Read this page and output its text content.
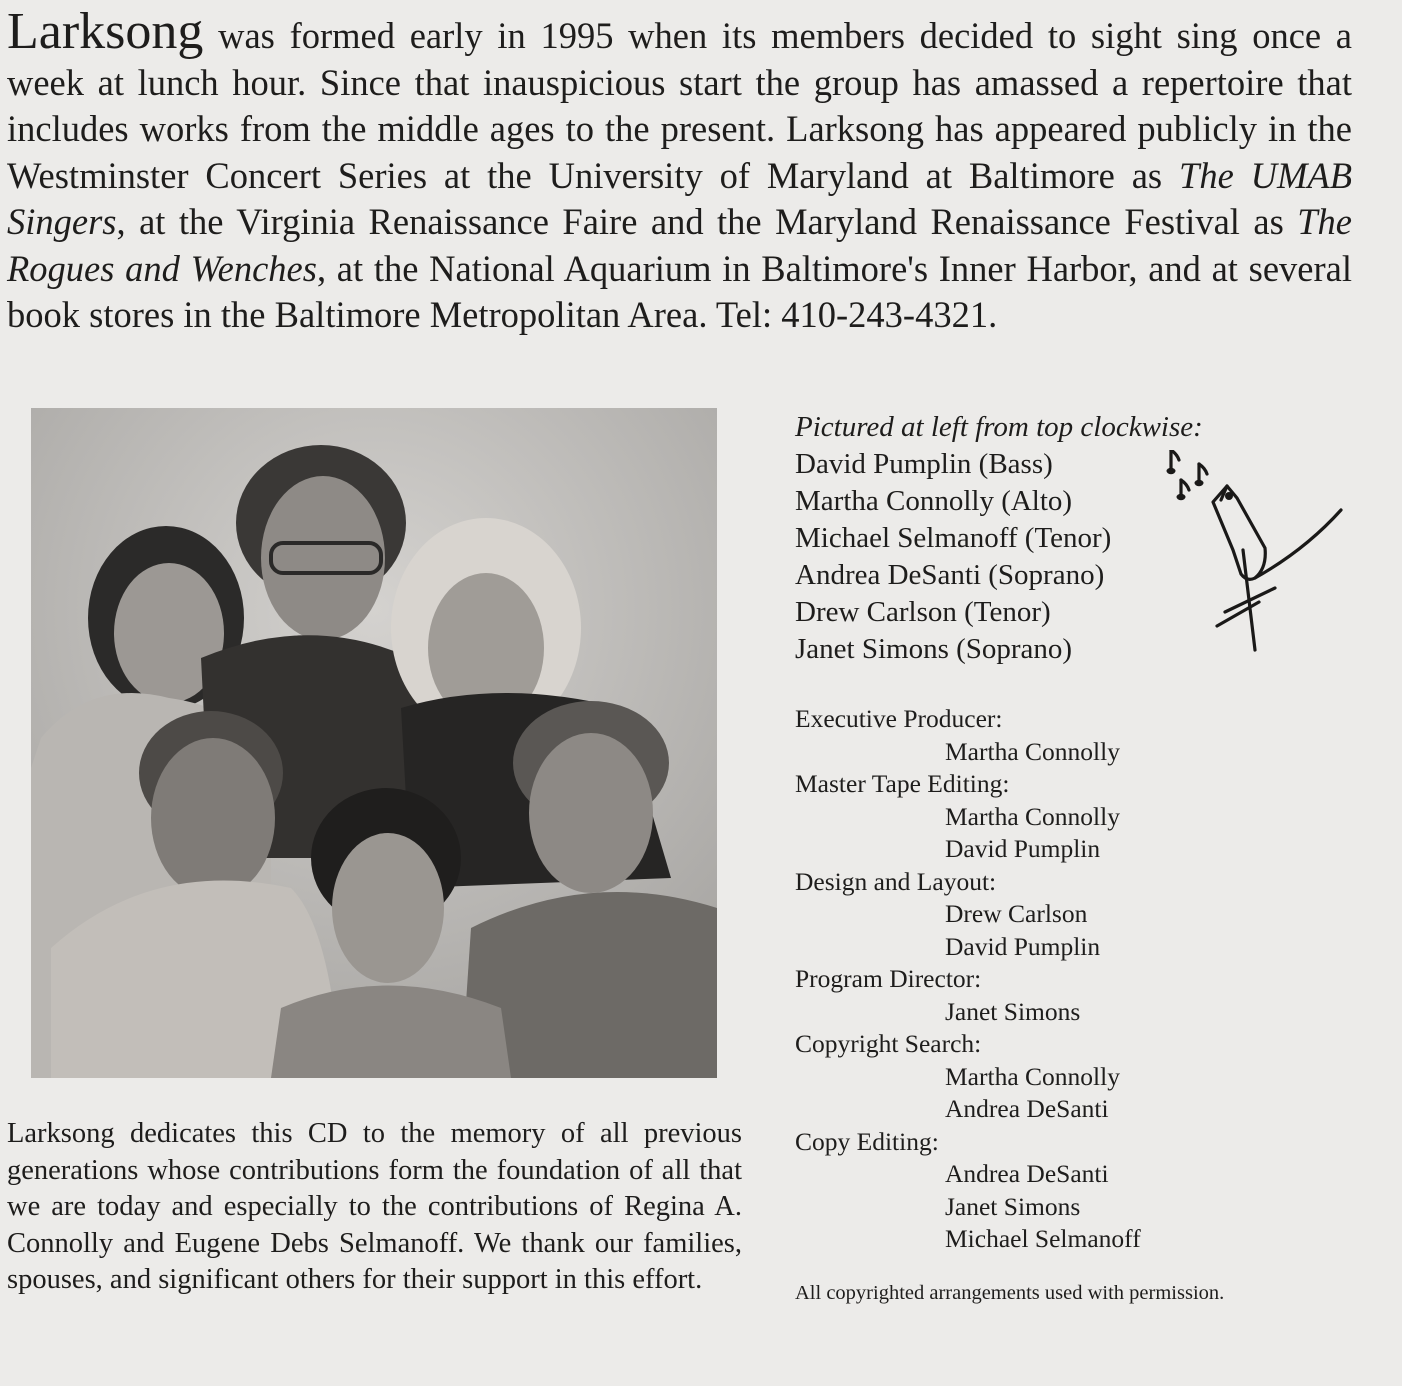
Larksong was formed early in 1995 when its members decided to sight sing once a week at lunch hour. Since that inauspicious start the group has amassed a repertoire that includes works from the middle ages to the present. Larksong has appeared publicly in the Westminster Concert Series at the University of Maryland at Baltimore as The UMAB Singers, at the Virginia Renaissance Faire and the Maryland Renaissance Festival as The Rogues and Wenches, at the National Aquarium in Baltimore's Inner Harbor, and at several book stores in the Baltimore Metropolitan Area. Tel: 410-243-4321.

Pictured at left from top clockwise:

David Pumplin (Bass)
Martha Connolly (Alto)
Michael Selmanoff (Tenor)
Andrea DeSanti (Soprano)
Drew Carlson (Tenor)
Janet Simons (Soprano)
Executive Producer:
Martha Connolly
Master Tape Editing:
Martha Connolly
David Pumplin
Design and Layout:
Drew Carlson
David Pumplin
Program Director:
Janet Simons
Copyright Search:
Martha Connolly
Andrea DeSanti
Copy Editing:
Andrea DeSanti
Janet Simons
Michael Selmanoff

Larksong dedicates this CD to the memory of all previous generations whose contributions form the foundation of all that we are today and especially to the contributions of Regina A. Connolly and Eugene Debs Selmanoff. We thank our families, spouses, and significant others for their support in this effort.	All copyrighted arrangements used with permission.
